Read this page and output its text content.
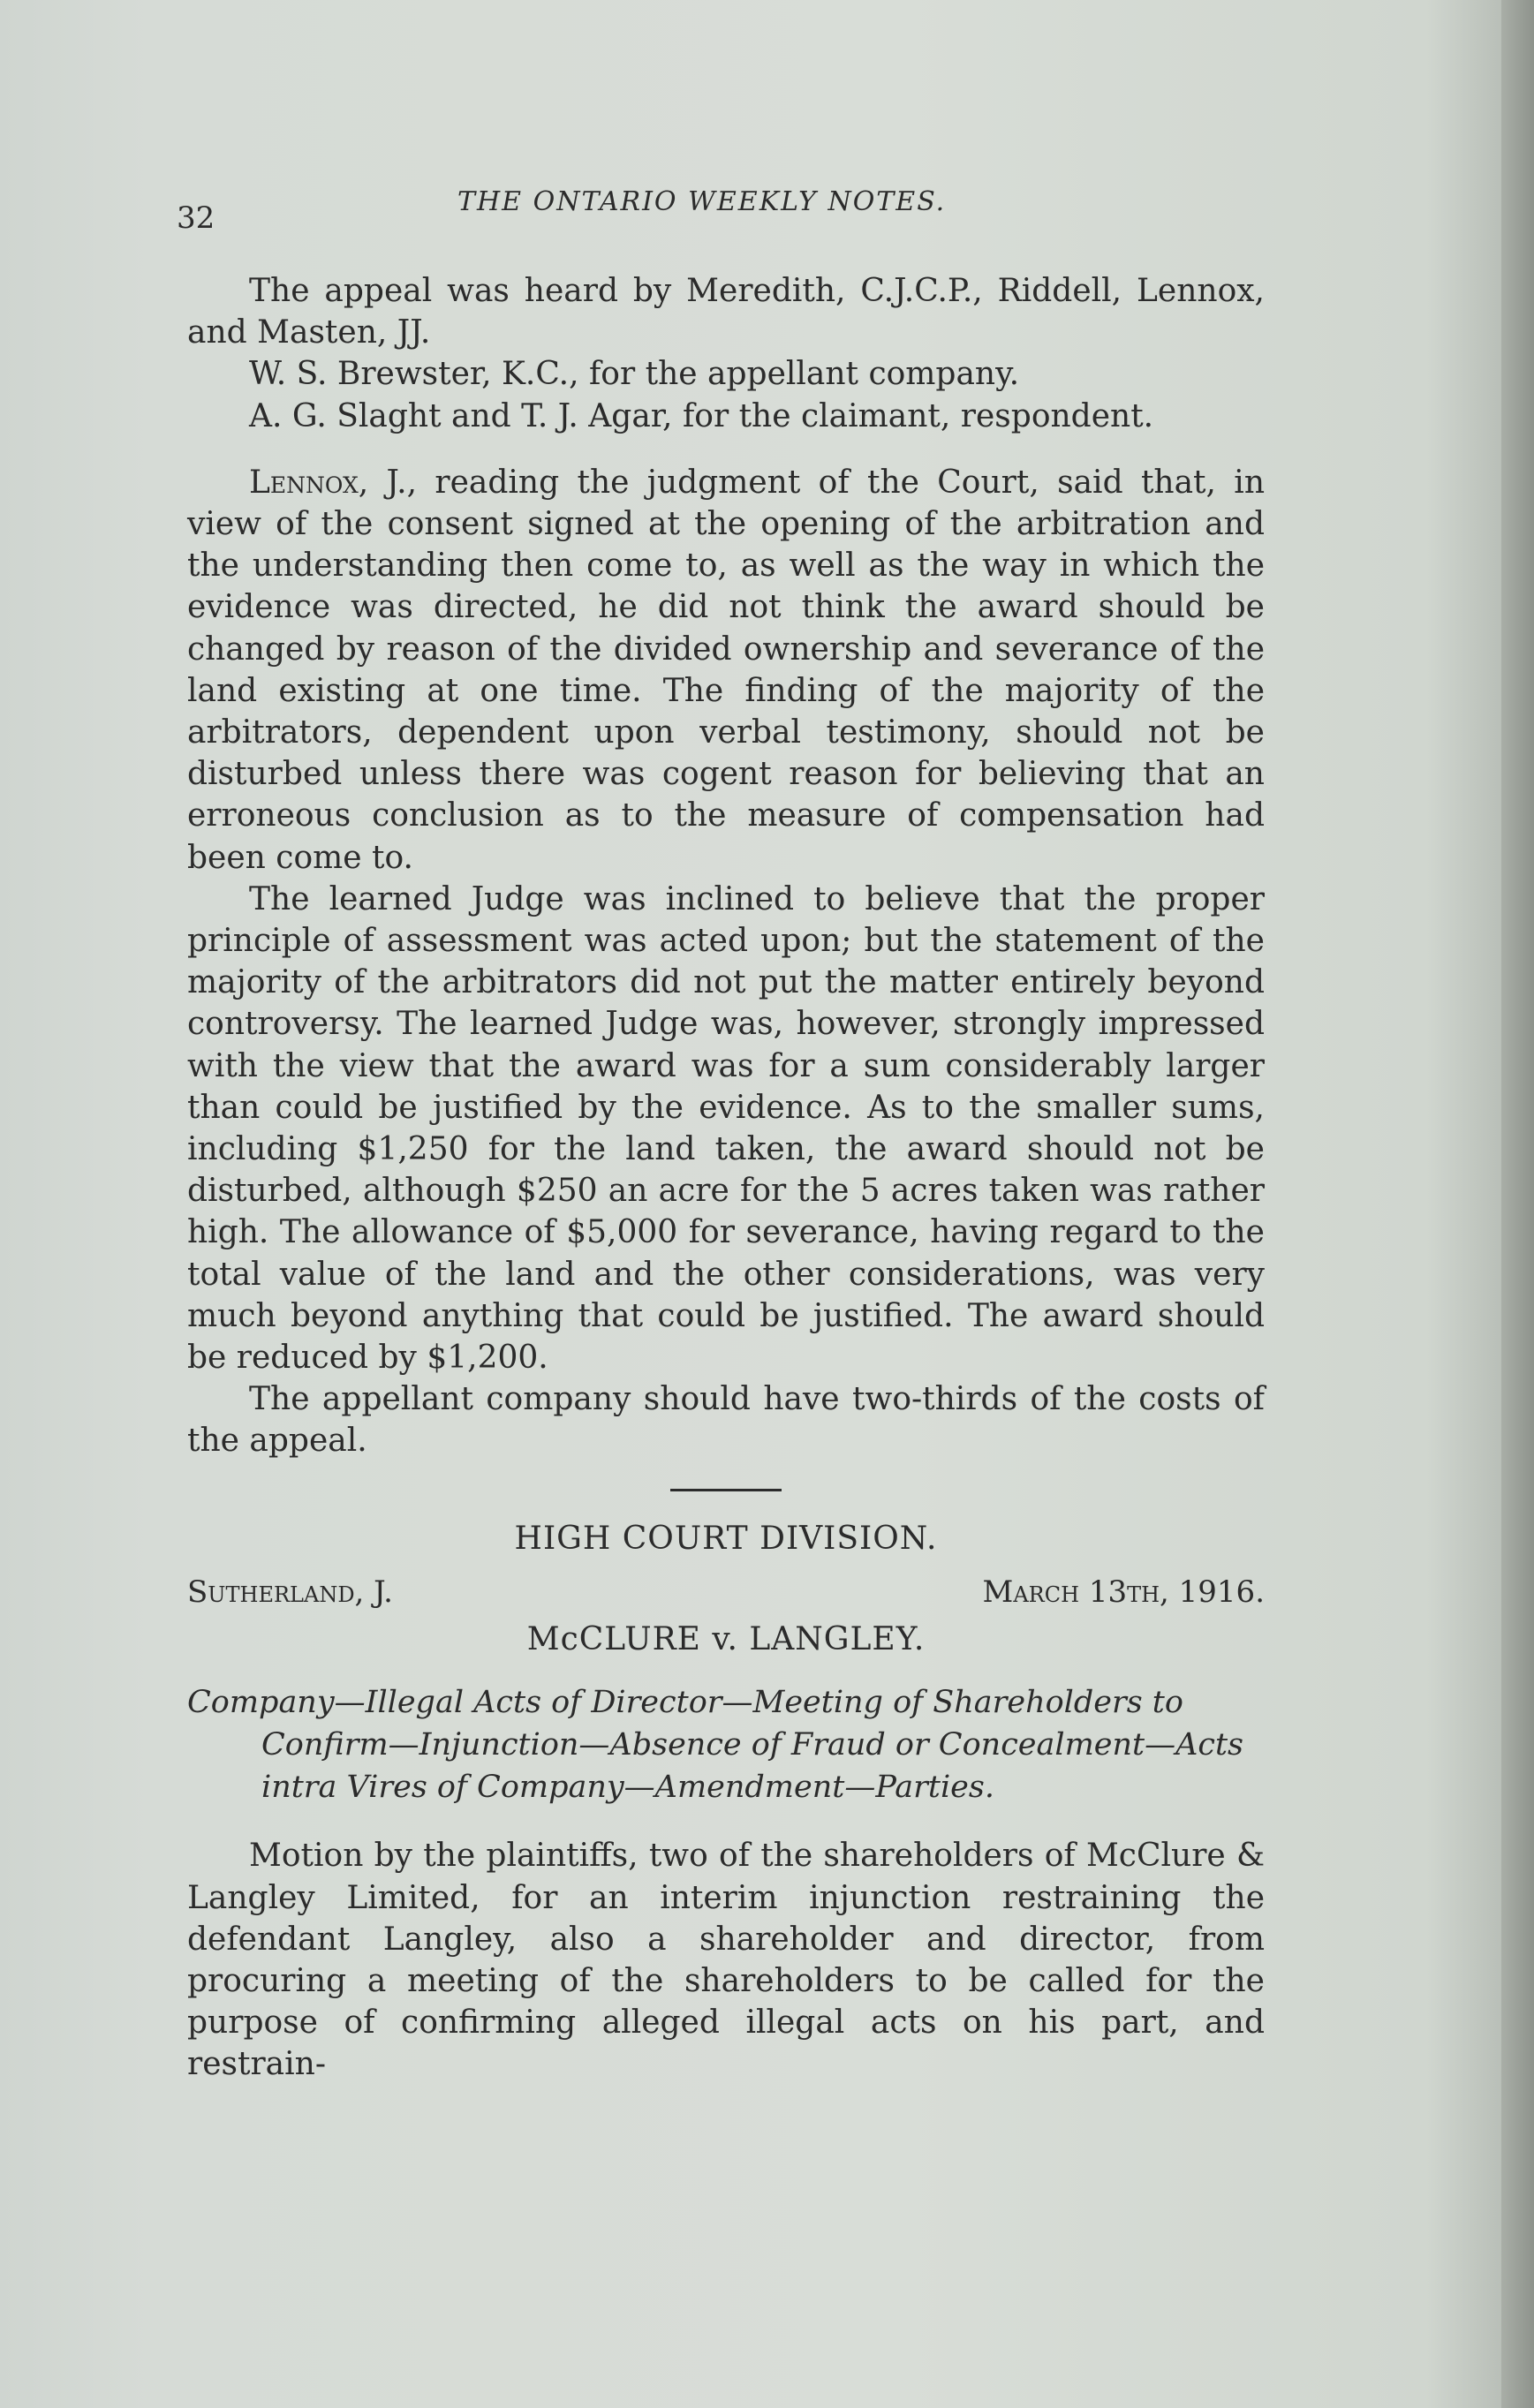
32	THE ONTARIO WEEKLY NOTES.

The appeal was heard by Meredith, C.J.C.P., Riddell, Lennox, and Masten, JJ.

W. S. Brewster, K.C., for the appellant company.

A. G. Slaght and T. J. Agar, for the claimant, respondent.

Lennox, J., reading the judgment of the Court, said that, in view of the consent signed at the opening of the arbitration and the understanding then come to, as well as the way in which the evidence was directed, he did not think the award should be changed by reason of the divided ownership and severance of the land existing at one time. The finding of the majority of the arbitrators, dependent upon verbal testimony, should not be disturbed unless there was cogent reason for believing that an erroneous conclusion as to the measure of compensation had been come to.

The learned Judge was inclined to believe that the proper principle of assessment was acted upon; but the statement of the majority of the arbitrators did not put the matter entirely beyond controversy. The learned Judge was, however, strongly impressed with the view that the award was for a sum considerably larger than could be justified by the evidence. As to the smaller sums, including $1,250 for the land taken, the award should not be disturbed, although $250 an acre for the 5 acres taken was rather high. The allowance of $5,000 for severance, having regard to the total value of the land and the other considerations, was very much beyond anything that could be justified. The award should be reduced by $1,200.

The appellant company should have two-thirds of the costs of the appeal.

HIGH COURT DIVISION.

Sutherland, J.	March 13th, 1916.

McCLURE v. LANGLEY.

Company—Illegal Acts of Director—Meeting of Shareholders to Confirm—Injunction—Absence of Fraud or Concealment—Acts intra Vires of Company—Amendment—Parties.

Motion by the plaintiffs, two of the shareholders of McClure & Langley Limited, for an interim injunction restraining the defendant Langley, also a shareholder and director, from procuring a meeting of the shareholders to be called for the purpose of confirming alleged illegal acts on his part, and restrain-
